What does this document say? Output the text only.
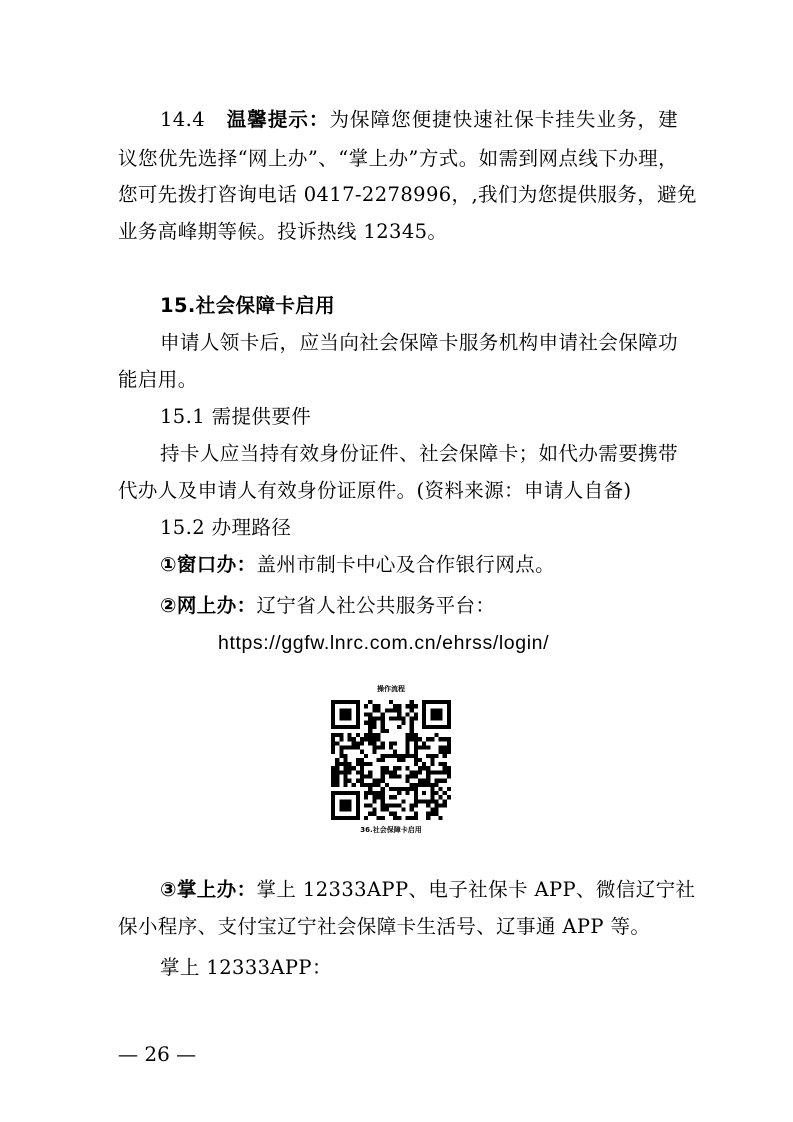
14.4 温馨提示：为保障您便捷快速社保卡挂失业务，建
议您优先选择“网上办”、“掌上办”方式。如需到网点线下办理，
您可先拨打咨询电话 0417-2278996，,我们为您提供服务，避免
业务高峰期等候。投诉热线 12345。
15.社会保障卡启用
申请人领卡后，应当向社会保障卡服务机构申请社会保障功
能启用。
15.1 需提供要件
持卡人应当持有效身份证件、社会保障卡；如代办需要携带
代办人及申请人有效身份证原件。(资料来源：申请人自备)
15.2 办理路径
①窗口办：盖州市制卡中心及合作银行网点。
②网上办：辽宁省人社公共服务平台：
https://ggfw.lnrc.com.cn/ehrss/login/
操作流程
36.社会保障卡启用
③掌上办：掌上 12333APP、电子社保卡 APP、微信辽宁社
保小程序、支付宝辽宁社会保障卡生活号、辽事通 APP 等。
掌上 12333APP：
— 26 —
